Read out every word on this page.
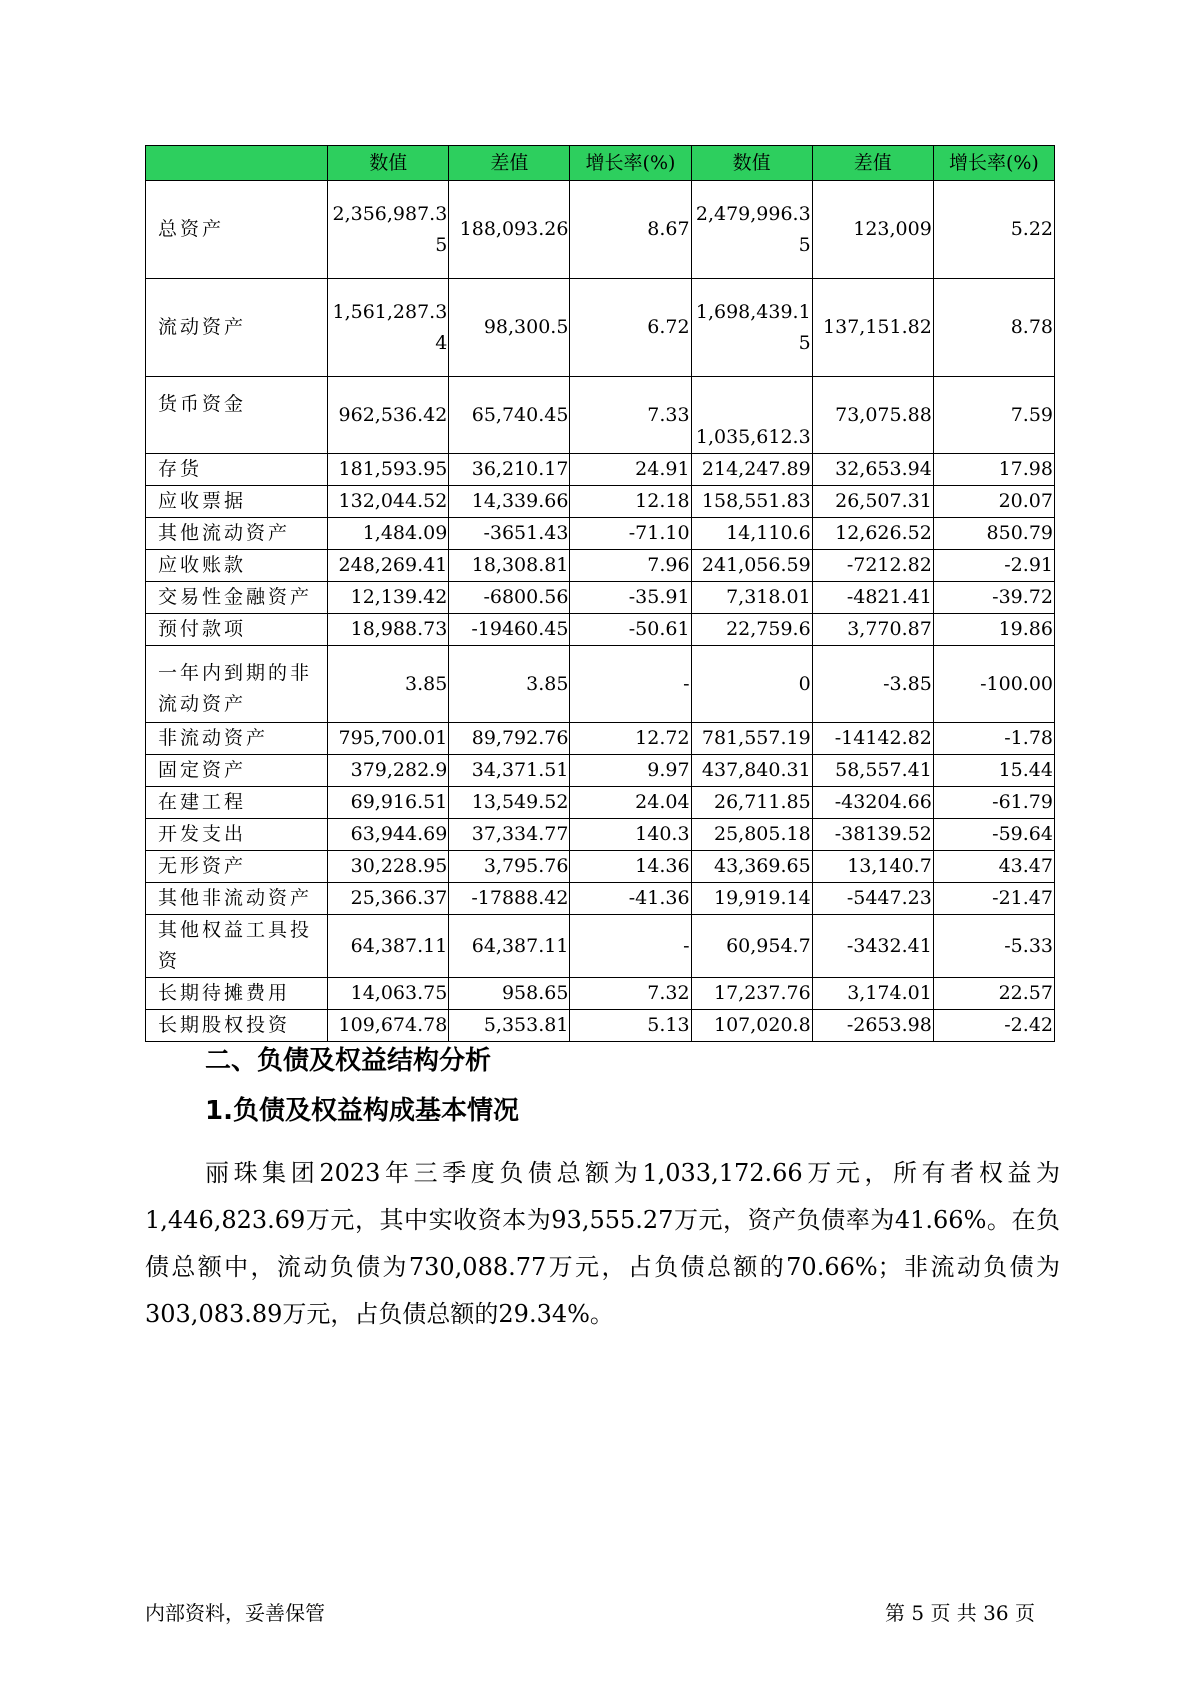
	数值	差值	增长率(%)	数值	差值	增长率(%)
总资产	2,356,987.35	188,093.26	8.67	2,479,996.35	123,009	5.22
流动资产	1,561,287.34	98,300.5	6.72	1,698,439.15	137,151.82	8.78
货币资金	962,536.42	65,740.45	7.33	1,035,612.3	73,075.88	7.59
存货	181,593.95	36,210.17	24.91	214,247.89	32,653.94	17.98
应收票据	132,044.52	14,339.66	12.18	158,551.83	26,507.31	20.07
其他流动资产	1,484.09	-3651.43	-71.10	14,110.6	12,626.52	850.79
应收账款	248,269.41	18,308.81	7.96	241,056.59	-7212.82	-2.91
交易性金融资产	12,139.42	-6800.56	-35.91	7,318.01	-4821.41	-39.72
预付款项	18,988.73	-19460.45	-50.61	22,759.6	3,770.87	19.86
一年内到期的非流动资产	3.85	3.85	-	0	-3.85	-100.00
非流动资产	795,700.01	89,792.76	12.72	781,557.19	-14142.82	-1.78
固定资产	379,282.9	34,371.51	9.97	437,840.31	58,557.41	15.44
在建工程	69,916.51	13,549.52	24.04	26,711.85	-43204.66	-61.79
开发支出	63,944.69	37,334.77	140.3	25,805.18	-38139.52	-59.64
无形资产	30,228.95	3,795.76	14.36	43,369.65	13,140.7	43.47
其他非流动资产	25,366.37	-17888.42	-41.36	19,919.14	-5447.23	-21.47
其他权益工具投资	64,387.11	64,387.11	-	60,954.7	-3432.41	-5.33
长期待摊费用	14,063.75	958.65	7.32	17,237.76	3,174.01	22.57
长期股权投资	109,674.78	5,353.81	5.13	107,020.8	-2653.98	-2.42
二、负债及权益结构分析
1.负债及权益构成基本情况
丽珠集团2023年三季度负债总额为1,033,172.66万元，所有者权益为1,446,823.69万元，其中实收资本为93,555.27万元，资产负债率为41.66%。在负债总额中，流动负债为730,088.77万元，占负债总额的70.66%；非流动负债为303,083.89万元，占负债总额的29.34%。
内部资料，妥善保管	第 5 页 共 36 页
